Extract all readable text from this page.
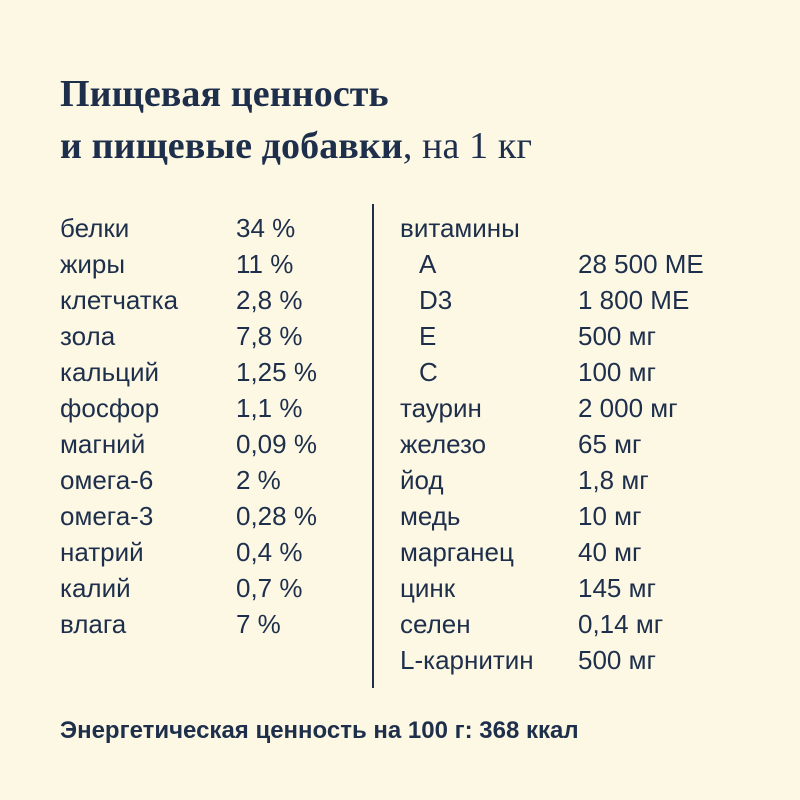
Пищевая ценность
и пищевые добавки, на 1 кг
белки	34 %
жиры	11 %
клетчатка 2,8 %
зола	7,8 %
кальций	1,25 %
фосфор	1,1 %
магний	0,09 %
омега-6	2 %
омега-3	0,28 %
натрий	0,4 %
калий	0,7 %
влага	7 %
витамины
A	28 500 МЕ
D3	1 800 МЕ
E	500 мг
C	100 мг
таурин	2 000 мг
железо	65 мг
йод	1,8 мг
медь	10 мг
марганец 40 мг
цинк	145 мг
селен	0,14 мг
L-карнитин 500 мг
Энергетическая ценность на 100 г: 368 ккал
